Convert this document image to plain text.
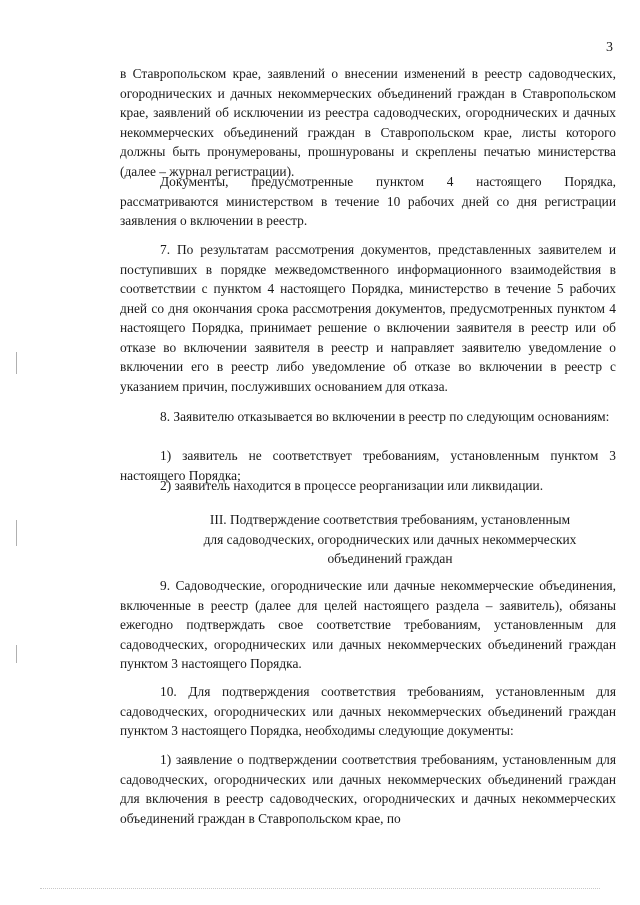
3

в Ставропольском крае, заявлений о внесении изменений в реестр садоводческих, огороднических и дачных некоммерческих объединений граждан в Ставропольском крае, заявлений об исключении из реестра садоводческих, огороднических и дачных некоммерческих объединений граждан в Ставропольском крае, листы которого должны быть пронумерованы, прошнурованы и скреплены печатью министерства (далее – журнал регистрации).

Документы, предусмотренные пунктом 4 настоящего Порядка, рассматриваются министерством в течение 10 рабочих дней со дня регистрации заявления о включении в реестр.

7. По результатам рассмотрения документов, представленных заявителем и поступивших в порядке межведомственного информационного взаимодействия в соответствии с пунктом 4 настоящего Порядка, министерство в течение 5 рабочих дней со дня окончания срока рассмотрения документов, предусмотренных пунктом 4 настоящего Порядка, принимает решение о включении заявителя в реестр или об отказе во включении заявителя в реестр и направляет заявителю уведомление о включении его в реестр либо уведомление об отказе во включении в реестр с указанием причин, послуживших основанием для отказа.

8. Заявителю отказывается во включении в реестр по следующим основаниям:

1) заявитель не соответствует требованиям, установленным пунктом 3 настоящего Порядка;

2) заявитель находится в процессе реорганизации или ликвидации.

III. Подтверждение соответствия требованиям, установленным для садоводческих, огороднических или дачных некоммерческих объединений граждан

9. Садоводческие, огороднические или дачные некоммерческие объединения, включенные в реестр (далее для целей настоящего раздела – заявитель), обязаны ежегодно подтверждать свое соответствие требованиям, установленным для садоводческих, огороднических или дачных некоммерческих объединений граждан пунктом 3 настоящего Порядка.

10. Для подтверждения соответствия требованиям, установленным для садоводческих, огороднических или дачных некоммерческих объединений граждан пунктом 3 настоящего Порядка, необходимы следующие документы:

1) заявление о подтверждении соответствия требованиям, установленным для садоводческих, огороднических или дачных некоммерческих объединений граждан для включения в реестр садоводческих, огороднических и дачных некоммерческих объединений граждан в Ставропольском крае, по
